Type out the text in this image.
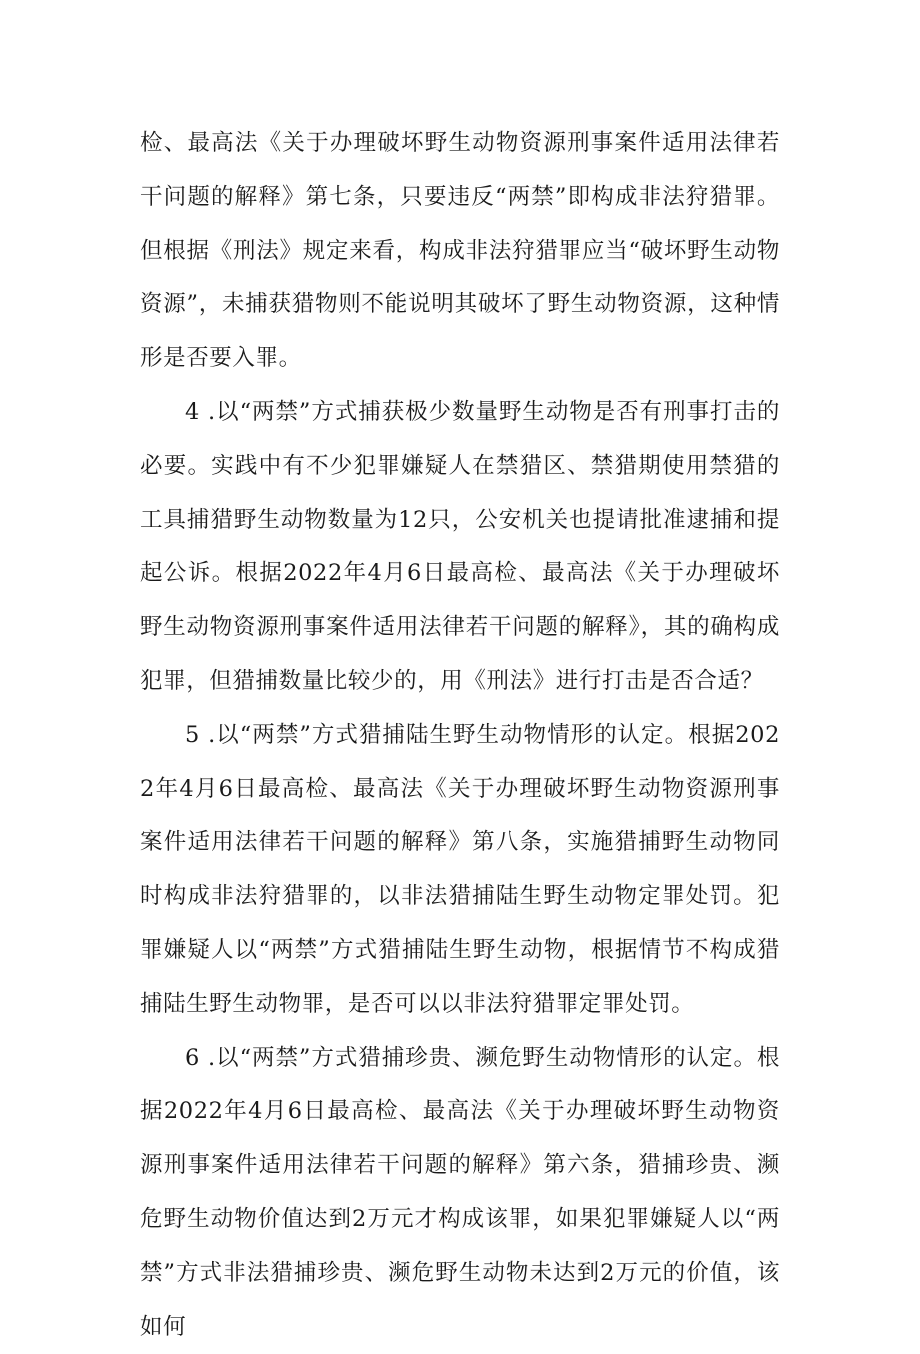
检、最高法《关于办理破坏野生动物资源刑事案件适用法律若干问题的解释》第七条，只要违反“两禁”即构成非法狩猎罪。但根据《刑法》规定来看，构成非法狩猎罪应当“破坏野生动物资源”，未捕获猎物则不能说明其破坏了野生动物资源，这种情形是否要入罪。

4 .以“两禁”方式捕获极少数量野生动物是否有刑事打击的必要。实践中有不少犯罪嫌疑人在禁猎区、禁猎期使用禁猎的工具捕猎野生动物数量为12只，公安机关也提请批准逮捕和提起公诉。根据2022年4月6日最高检、最高法《关于办理破坏野生动物资源刑事案件适用法律若干问题的解释》，其的确构成犯罪，但猎捕数量比较少的，用《刑法》进行打击是否合适？

5 .以“两禁”方式猎捕陆生野生动物情形的认定。根据2022年4月6日最高检、最高法《关于办理破坏野生动物资源刑事案件适用法律若干问题的解释》第八条，实施猎捕野生动物同时构成非法狩猎罪的，以非法猎捕陆生野生动物定罪处罚。犯罪嫌疑人以“两禁”方式猎捕陆生野生动物，根据情节不构成猎捕陆生野生动物罪，是否可以以非法狩猎罪定罪处罚。

6 .以“两禁”方式猎捕珍贵、濒危野生动物情形的认定。根据2022年4月6日最高检、最高法《关于办理破坏野生动物资源刑事案件适用法律若干问题的解释》第六条，猎捕珍贵、濒危野生动物价值达到2万元才构成该罪，如果犯罪嫌疑人以“两禁”方式非法猎捕珍贵、濒危野生动物未达到2万元的价值，该如何
